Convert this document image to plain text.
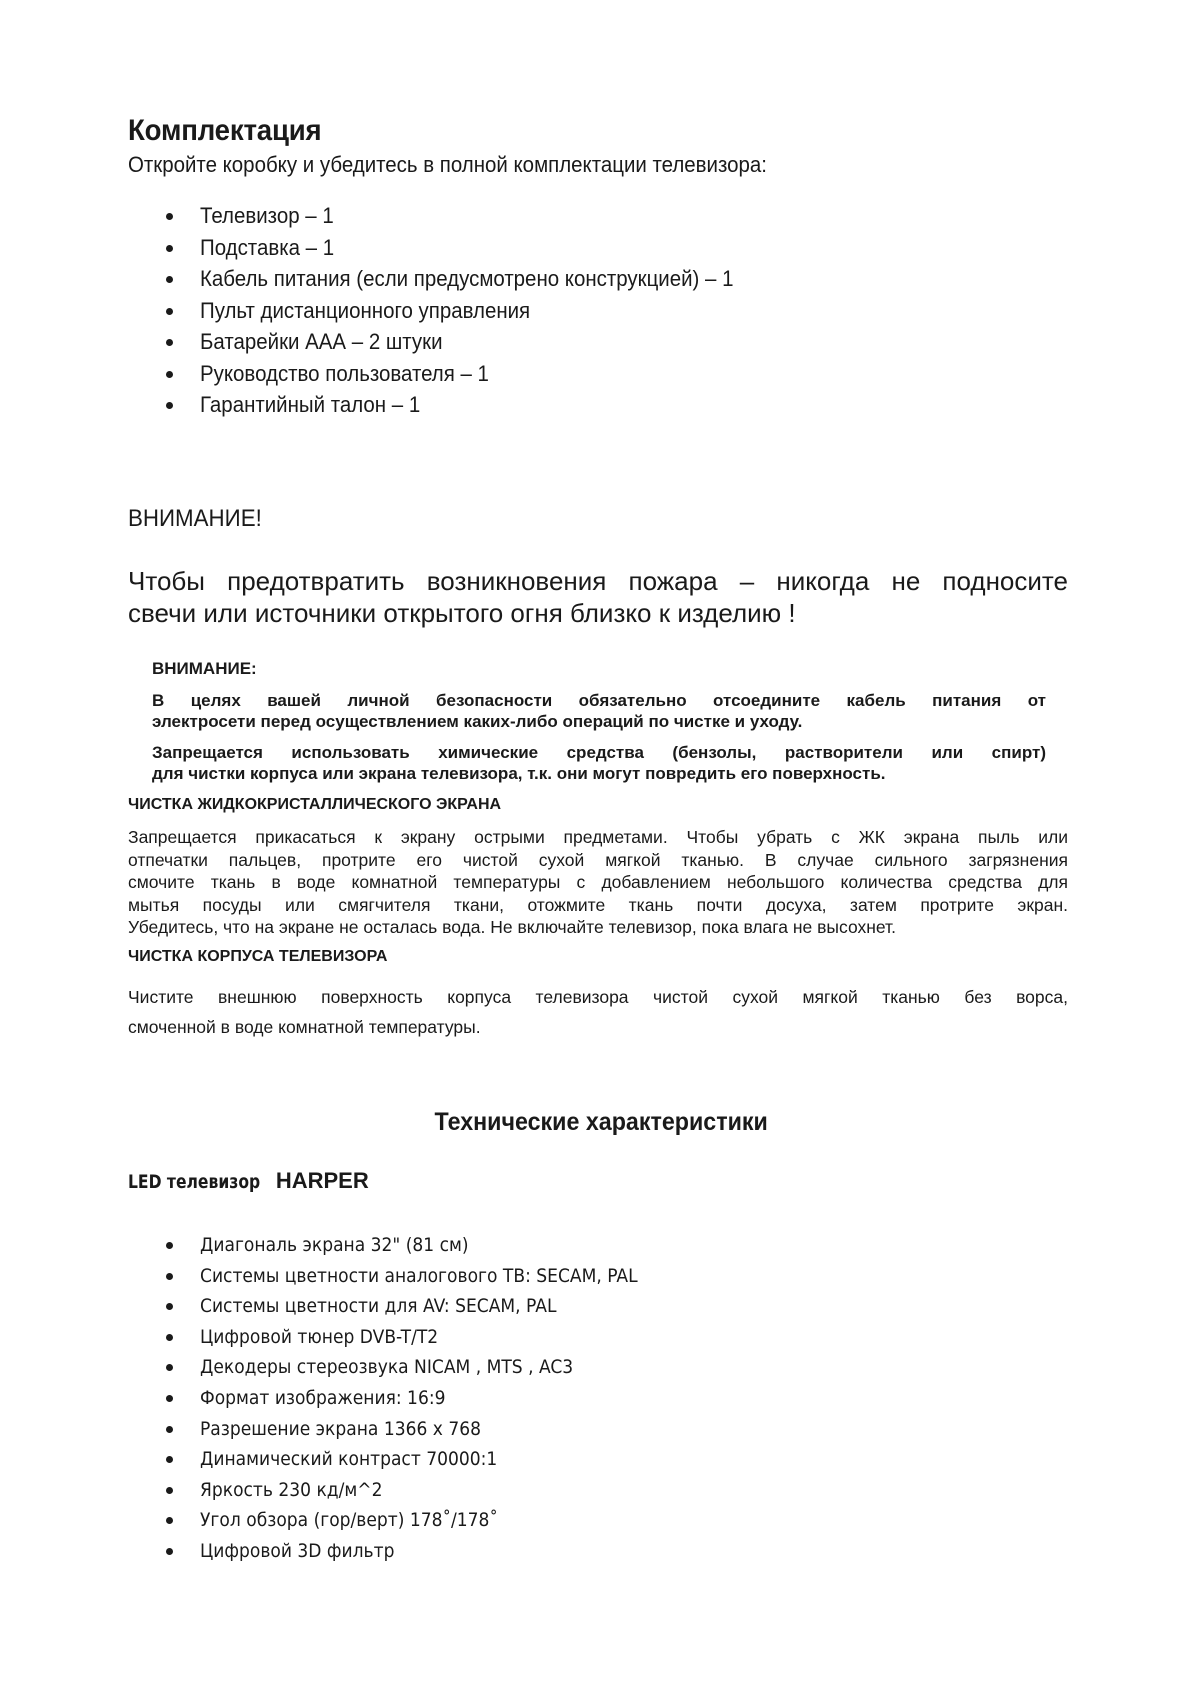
Комплектация
Откройте коробку и убедитесь в полной комплектации телевизора:
Телевизор – 1
Подставка – 1
Кабель питания (если предусмотрено конструкцией) – 1
Пульт дистанционного управления
Батарейки ААА – 2 штуки
Руководство пользователя – 1
Гарантийный талон – 1
ВНИМАНИЕ!
Чтобы предотвратить возникновения пожара – никогда не подносите
свечи или источники открытого огня близко к изделию !
ВНИМАНИЕ:
В целях вашей личной безопасности обязательно отсоедините кабель питания от
электросети перед осуществлением каких-либо операций по чистке и уходу.
Запрещается использовать химические средства (бензолы, растворители или спирт)
для чистки корпуса или экрана телевизора, т.к. они могут повредить его поверхность.
ЧИСТКА ЖИДКОКРИСТАЛЛИЧЕСКОГО ЭКРАНА
Запрещается прикасаться к экрану острыми предметами. Чтобы убрать с ЖК экрана пыль или
отпечатки пальцев, протрите его чистой сухой мягкой тканью. В случае сильного загрязнения
смочите ткань в воде комнатной температуры с добавлением небольшого количества средства для
мытья посуды или смягчителя ткани, отожмите ткань почти досуха, затем протрите экран.
Убедитесь, что на экране не осталась вода. Не включайте телевизор, пока влага не высохнет.
ЧИСТКА КОРПУСА ТЕЛЕВИЗОРА
Чистите внешнюю поверхность корпуса телевизора чистой сухой мягкой тканью без ворса,
смоченной в воде комнатной температуры.
Технические характеристики
LED телевизор HARPER
Диагональ экрана 32" (81 см)
Системы цветности аналогового ТВ: SECAM, PAL
Системы цветности для AV: SECAM, PAL
Цифровой тюнер DVB-T/T2
Декодеры стереозвука NICAM , MTS , AC3
Формат изображения: 16:9
Разрешение экрана 1366 x 768
Динамический контраст 70000:1
Яркость 230 кд/м^2
Угол обзора (гор/верт) 178˚/178˚
Цифровой 3D фильтр
